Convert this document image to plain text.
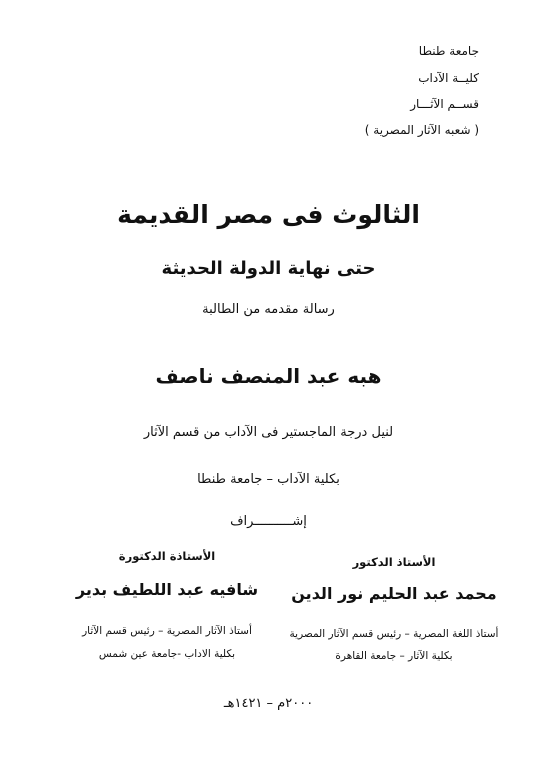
جامعة طنطا
كليــة الآداب
قســم الآثـــار
( شعبه الآثار المصرية )
الثالوث فى مصر القديمة
حتى نهاية الدولة الحديثة
رسالة مقدمه من الطالبة
هبه عبد المنصف ناصف
لنيل درجة الماجستير فى الآداب من قسم الآثار
بكلية الآداب – جامعة طنطا
إشــــــــــراف
الأستاذ الدكتور
محمد عبد الحليم نور الدين
أستاذ اللغة المصرية – رئيس قسم الآثار المصرية
بكلية الآثار – جامعة القاهرة
الأستاذة الدكتورة
شافيه عبد اللطيف بدير
أستاذ الآثار المصرية – رئيس قسم الآثار
بكلية الاداب -جامعة عين شمس
٢٠٠٠م – ١٤٢١هـ
